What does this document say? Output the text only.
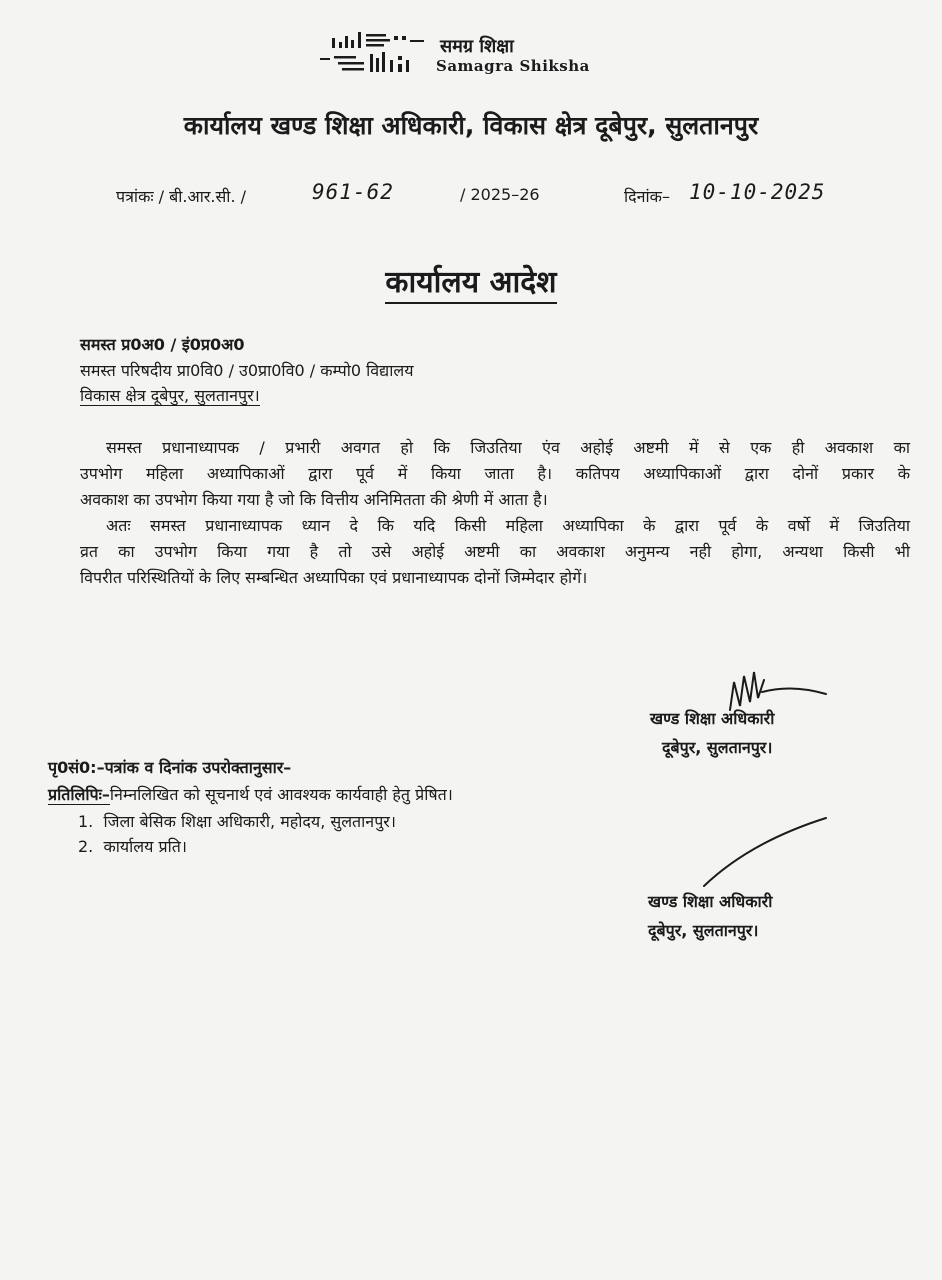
समग्र शिक्षा
Samagra Shiksha
कार्यालय खण्ड शिक्षा अधिकारी, विकास क्षेत्र दूबेपुर, सुलतानपुर
पत्रांकः / बी.आर.सी. /	961-62	/ 2025–26	दिनांक– 10-10-2025
कार्यालय आदेश
समस्त प्र0अ0 / इं0प्र0अ0
समस्त परिषदीय प्रा0वि0 / उ0प्रा0वि0 / कम्पो0 विद्यालय
विकास क्षेत्र दूबेपुर, सुलतानपुर।
समस्त प्रधानाध्यापक / प्रभारी अवगत हो कि जिउतिया एंव अहोई अष्टमी में से एक ही अवकाश का
उपभोग महिला अध्यापिकाओं द्वारा पूर्व में किया जाता है। कतिपय अध्यापिकाओं द्वारा दोनों प्रकार के
अवकाश का उपभोग किया गया है जो कि वित्तीय अनिमितता की श्रेणी में आता है।
अतः समस्त प्रधानाध्यापक ध्यान दे कि यदि किसी महिला अध्यापिका के द्वारा पूर्व के वर्षो में जिउतिया
व्रत का उपभोग किया गया है तो उसे अहोई अष्टमी का अवकाश अनुमन्य नही होगा, अन्यथा किसी भी
विपरीत परिस्थितियों के लिए सम्बन्धित अध्यापिका एवं प्रधानाध्यापक दोनों जिम्मेदार होगें।
खण्ड शिक्षा अधिकारी
दूबेपुर, सुलतानपुर।
पृ0सं0:–पत्रांक व दिनांक उपरोक्तानुसार–
प्रतिलिपिः–निम्नलिखित को सूचनार्थ एवं आवश्यक कार्यवाही हेतु प्रेषित।
1. जिला बेसिक शिक्षा अधिकारी, महोदय, सुलतानपुर।
2. कार्यालय प्रति।
खण्ड शिक्षा अधिकारी
दूबेपुर, सुलतानपुर।
